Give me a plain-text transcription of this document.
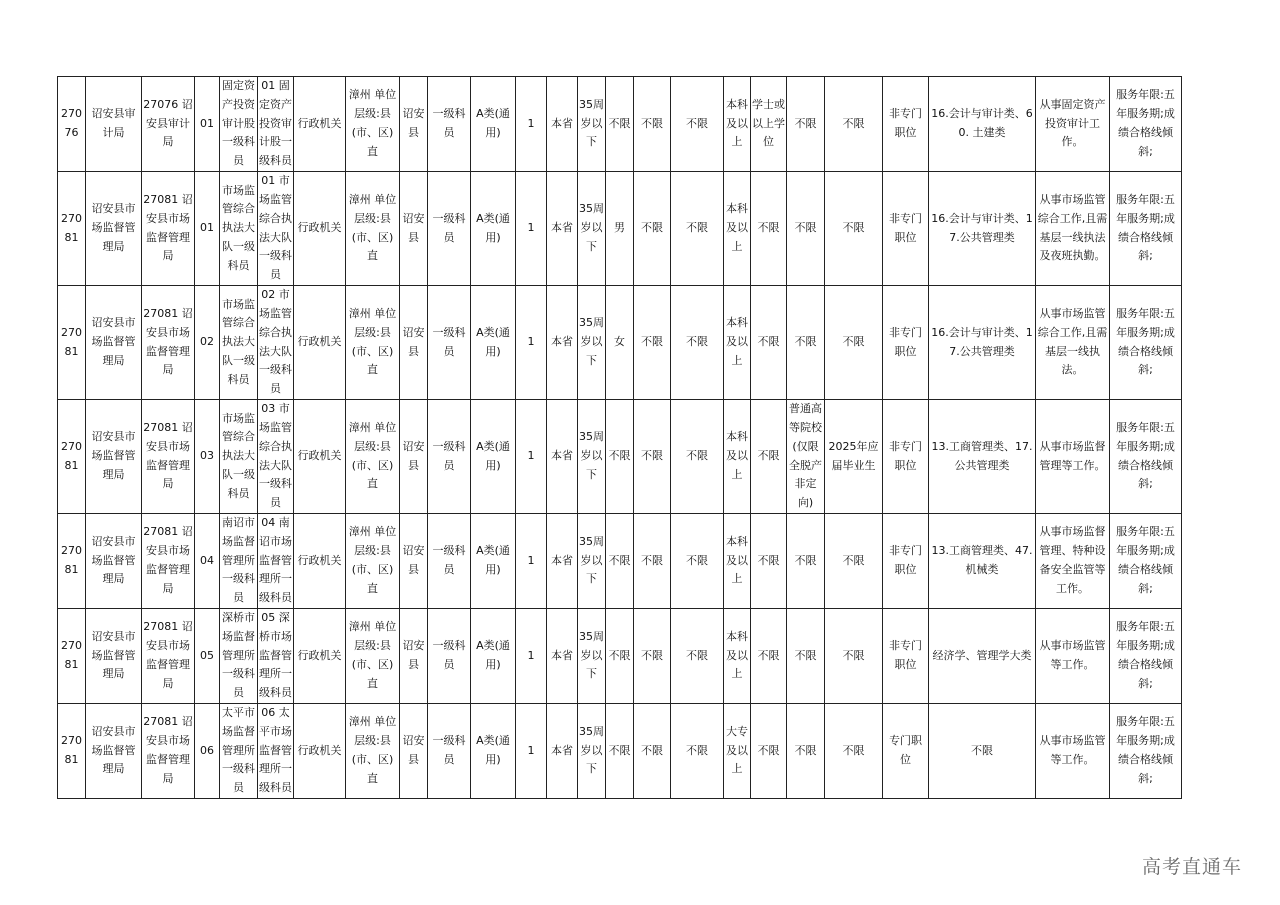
27076	诏安县审计局	27076 诏安县审计局	01	固定资产投资审计股一级科员	01 固定资产投资审计股一级科员	行政机关	漳州 单位层级:县(市、区)直	诏安县	一级科员	A类(通用)	1	本省	35周岁以下	不限	不限	不限	本科及以上	学士或以上学位	不限	不限	非专门职位	16.会计与审计类、60. 土建类	从事固定资产投资审计工作。	服务年限:五年服务期;成绩合格线倾斜;
27081	诏安县市场监督管理局	27081 诏安县市场监督管理局	01	市场监管综合执法大队一级科员	01 市场监管综合执法大队一级科员	行政机关	漳州 单位层级:县(市、区)直	诏安县	一级科员	A类(通用)	1	本省	35周岁以下	男	不限	不限	本科及以上	不限	不限	不限	非专门职位	16.会计与审计类、17.公共管理类	从事市场监管综合工作,且需基层一线执法及夜班执勤。	服务年限:五年服务期;成绩合格线倾斜;
27081	诏安县市场监督管理局	27081 诏安县市场监督管理局	02	市场监管综合执法大队一级科员	02 市场监管综合执法大队一级科员	行政机关	漳州 单位层级:县(市、区)直	诏安县	一级科员	A类(通用)	1	本省	35周岁以下	女	不限	不限	本科及以上	不限	不限	不限	非专门职位	16.会计与审计类、17.公共管理类	从事市场监管综合工作,且需基层一线执法。	服务年限:五年服务期;成绩合格线倾斜;
27081	诏安县市场监督管理局	27081 诏安县市场监督管理局	03	市场监管综合执法大队一级科员	03 市场监管综合执法大队一级科员	行政机关	漳州 单位层级:县(市、区)直	诏安县	一级科员	A类(通用)	1	本省	35周岁以下	不限	不限	不限	本科及以上	不限	普通高等院校(仅限全脱产非定向)	2025年应届毕业生	非专门职位	13.工商管理类、17.公共管理类	从事市场监督管理等工作。	服务年限:五年服务期;成绩合格线倾斜;
27081	诏安县市场监督管理局	27081 诏安县市场监督管理局	04	南诏市场监督管理所一级科员	04 南诏市场监督管理所一级科员	行政机关	漳州 单位层级:县(市、区)直	诏安县	一级科员	A类(通用)	1	本省	35周岁以下	不限	不限	不限	本科及以上	不限	不限	不限	非专门职位	13.工商管理类、47.机械类	从事市场监督管理、特种设备安全监管等工作。	服务年限:五年服务期;成绩合格线倾斜;
27081	诏安县市场监督管理局	27081 诏安县市场监督管理局	05	深桥市场监督管理所一级科员	05 深桥市场监督管理所一级科员	行政机关	漳州 单位层级:县(市、区)直	诏安县	一级科员	A类(通用)	1	本省	35周岁以下	不限	不限	不限	本科及以上	不限	不限	不限	非专门职位	经济学、管理学大类	从事市场监管等工作。	服务年限:五年服务期;成绩合格线倾斜;
27081	诏安县市场监督管理局	27081 诏安县市场监督管理局	06	太平市场监督管理所一级科员	06 太平市场监督管理所一级科员	行政机关	漳州 单位层级:县(市、区)直	诏安县	一级科员	A类(通用)	1	本省	35周岁以下	不限	不限	不限	大专及以上	不限	不限	不限	专门职位	不限	从事市场监管等工作。	服务年限:五年服务期;成绩合格线倾斜;
高考直通车
